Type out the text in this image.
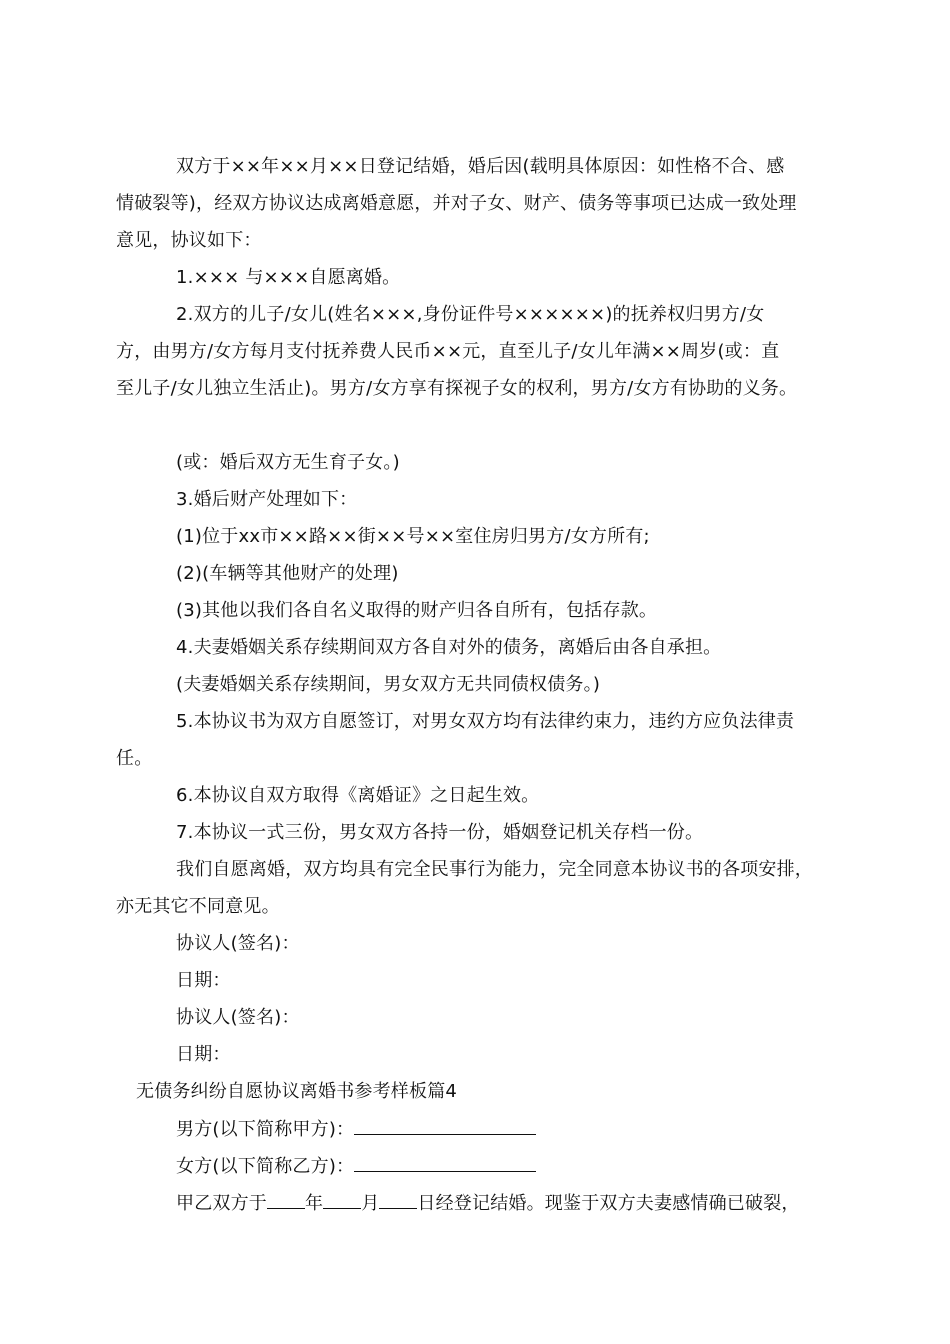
双方于××年××月××日登记结婚，婚后因(载明具体原因：如性格不合、感
情破裂等)，经双方协议达成离婚意愿，并对子女、财产、债务等事项已达成一致处理
意见，协议如下：
1.××× 与×××自愿离婚。
2.双方的儿子/女儿(姓名×××,身份证件号××××××)的抚养权归男方/女
方，由男方/女方每月支付抚养费人民币××元，直至儿子/女儿年满××周岁(或：直
至儿子/女儿独立生活止)。男方/女方享有探视子女的权利，男方/女方有协助的义务。
(或：婚后双方无生育子女。)
3.婚后财产处理如下：
(1)位于xx市××路××街××号××室住房归男方/女方所有;
(2)(车辆等其他财产的处理)
(3)其他以我们各自名义取得的财产归各自所有，包括存款。
4.夫妻婚姻关系存续期间双方各自对外的债务，离婚后由各自承担。
(夫妻婚姻关系存续期间，男女双方无共同债权债务。)
5.本协议书为双方自愿签订，对男女双方均有法律约束力，违约方应负法律责
任。
6.本协议自双方取得《离婚证》之日起生效。
7.本协议一式三份，男女双方各持一份，婚姻登记机关存档一份。
我们自愿离婚，双方均具有完全民事行为能力，完全同意本协议书的各项安排，
亦无其它不同意见。
协议人(签名)：
日期：
协议人(签名)：
日期：
无债务纠纷自愿协议离婚书参考样板篇4
男方(以下简称甲方)：
女方(以下简称乙方)：
甲乙双方于 年 月 日经登记结婚。现鉴于双方夫妻感情确已破裂，
